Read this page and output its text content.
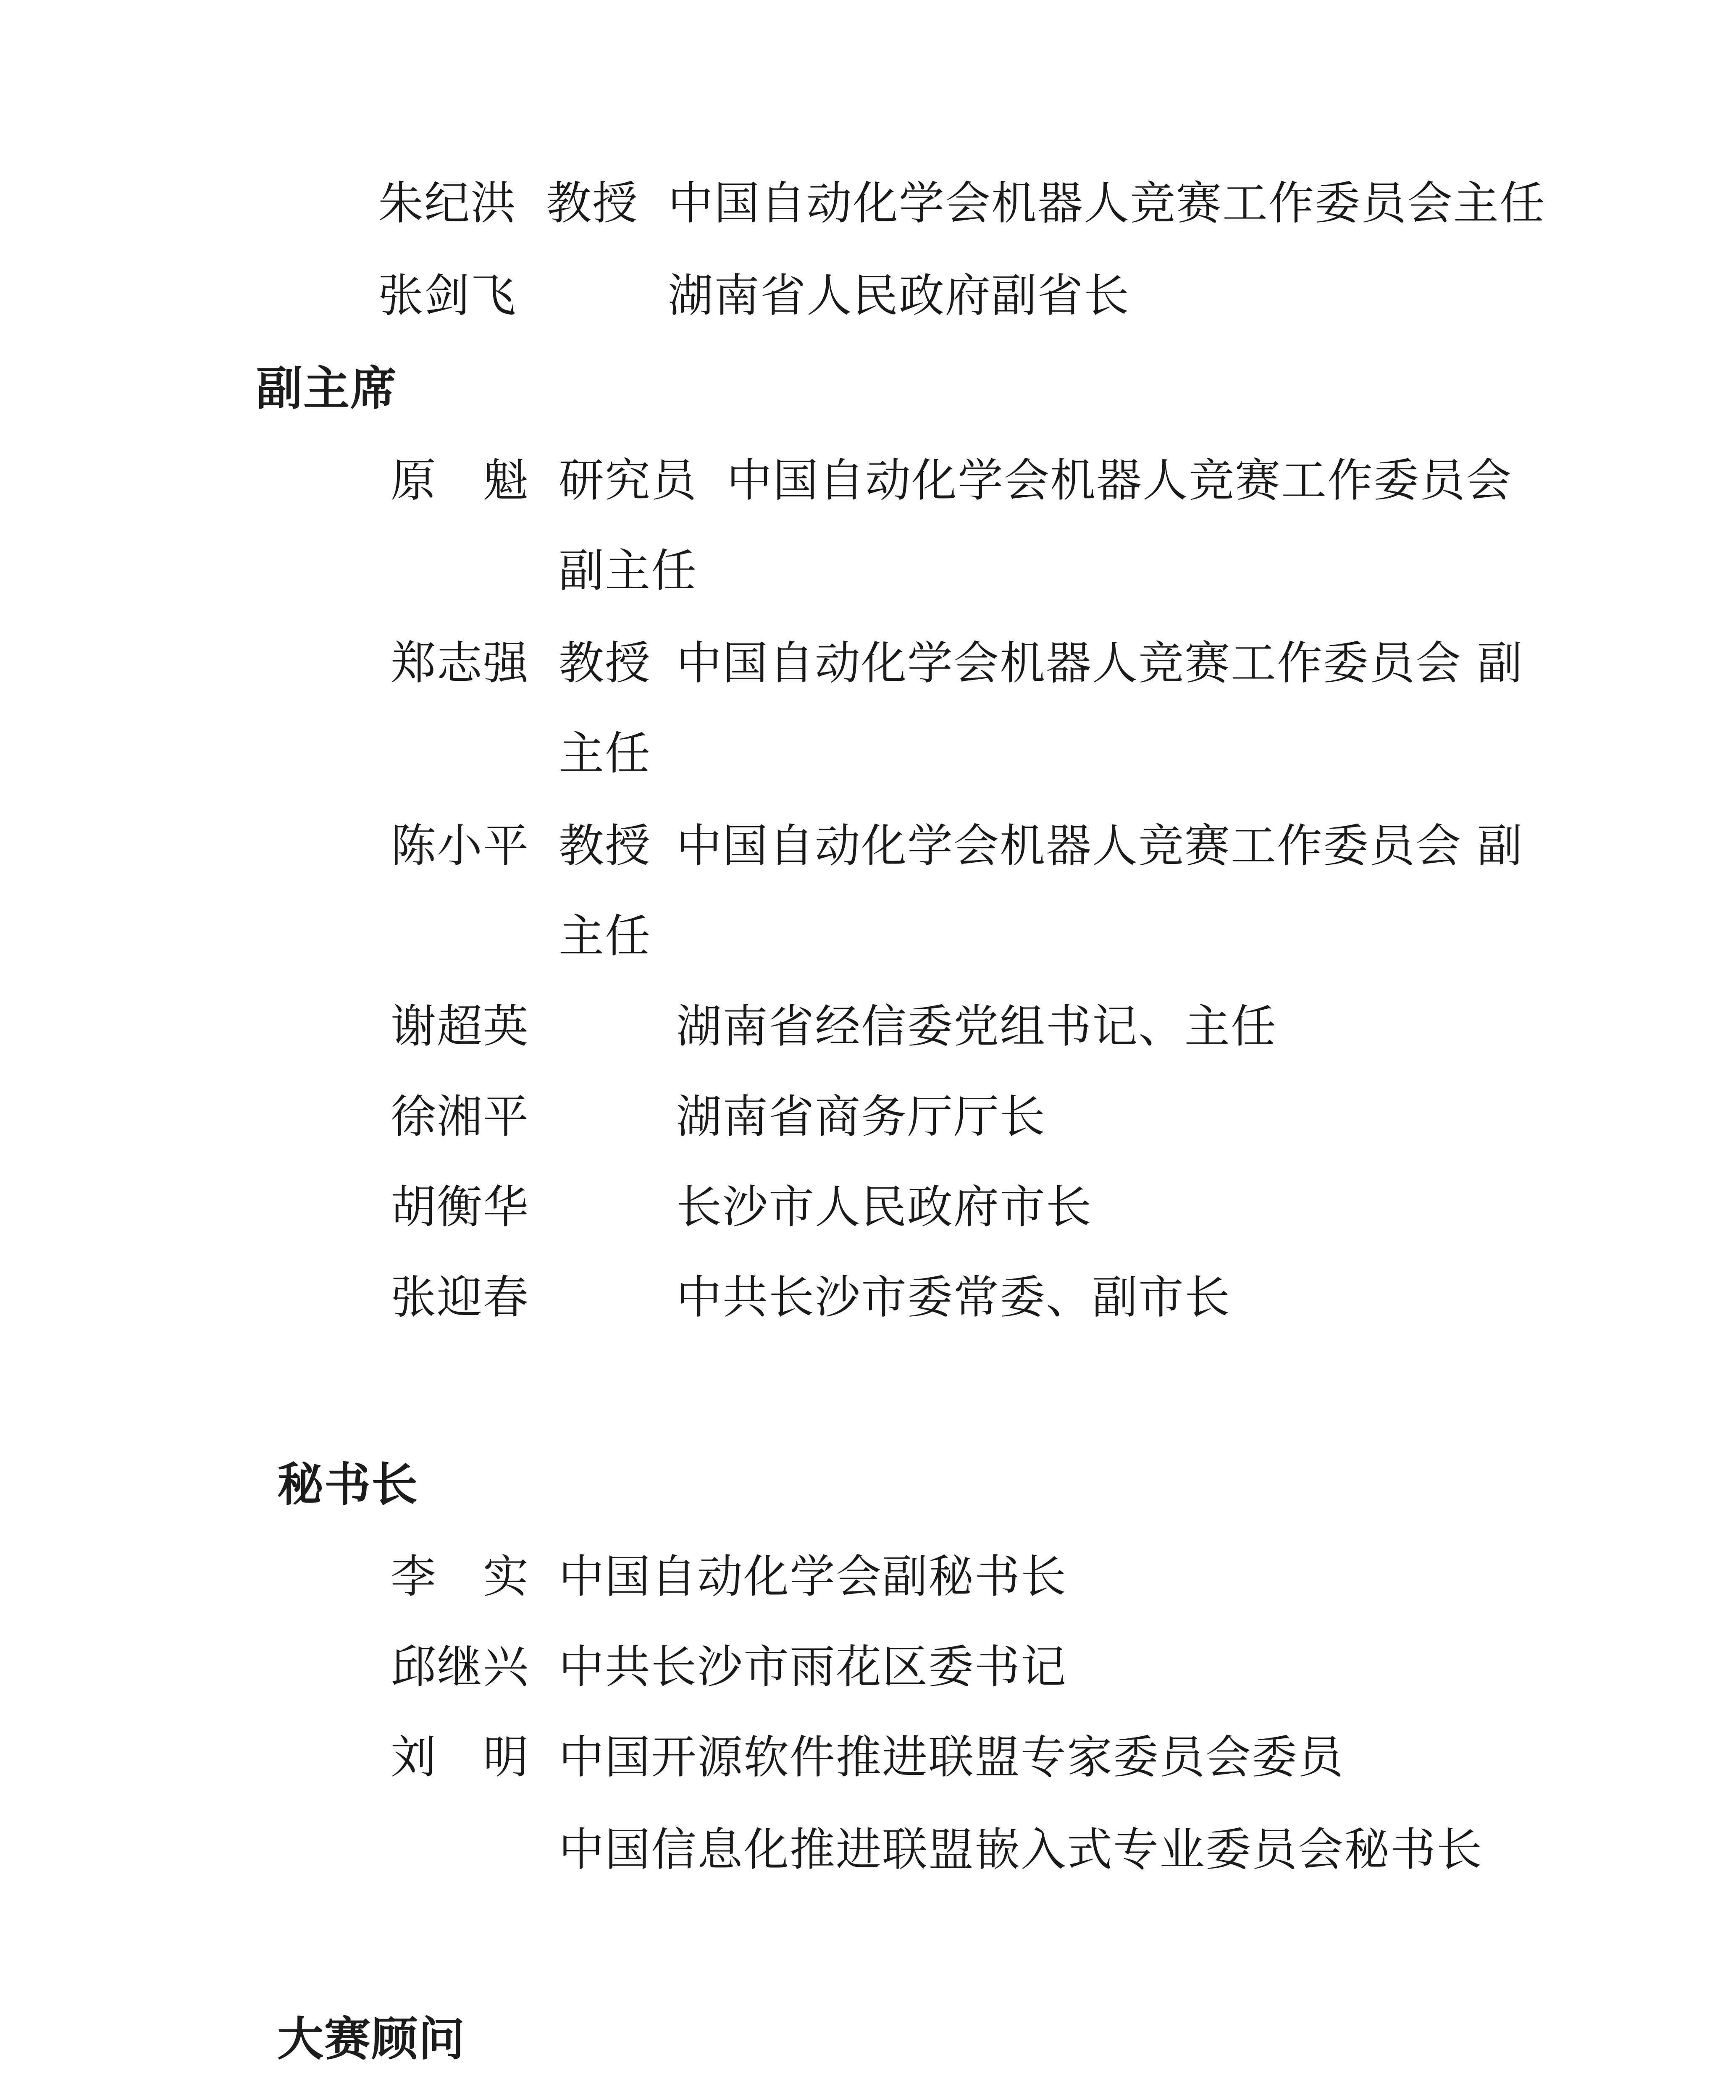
朱纪洪 教授 中国自动化学会机器人竞赛工作委员会主任
张剑飞	湖南省人民政府副省长
副主席
原　魁 研究员 中国自动化学会机器人竞赛工作委员会
副主任
郑志强 教授 中国自动化学会机器人竞赛工作委员会 副
主任
陈小平 教授 中国自动化学会机器人竞赛工作委员会 副
主任
谢超英	湖南省经信委党组书记、主任
徐湘平	湖南省商务厅厅长
胡衡华	长沙市人民政府市长
张迎春	中共长沙市委常委、副市长
秘书长
李　实 中国自动化学会副秘书长
邱继兴 中共长沙市雨花区委书记
刘　明 中国开源软件推进联盟专家委员会委员
中国信息化推进联盟嵌入式专业委员会秘书长
大赛顾问
